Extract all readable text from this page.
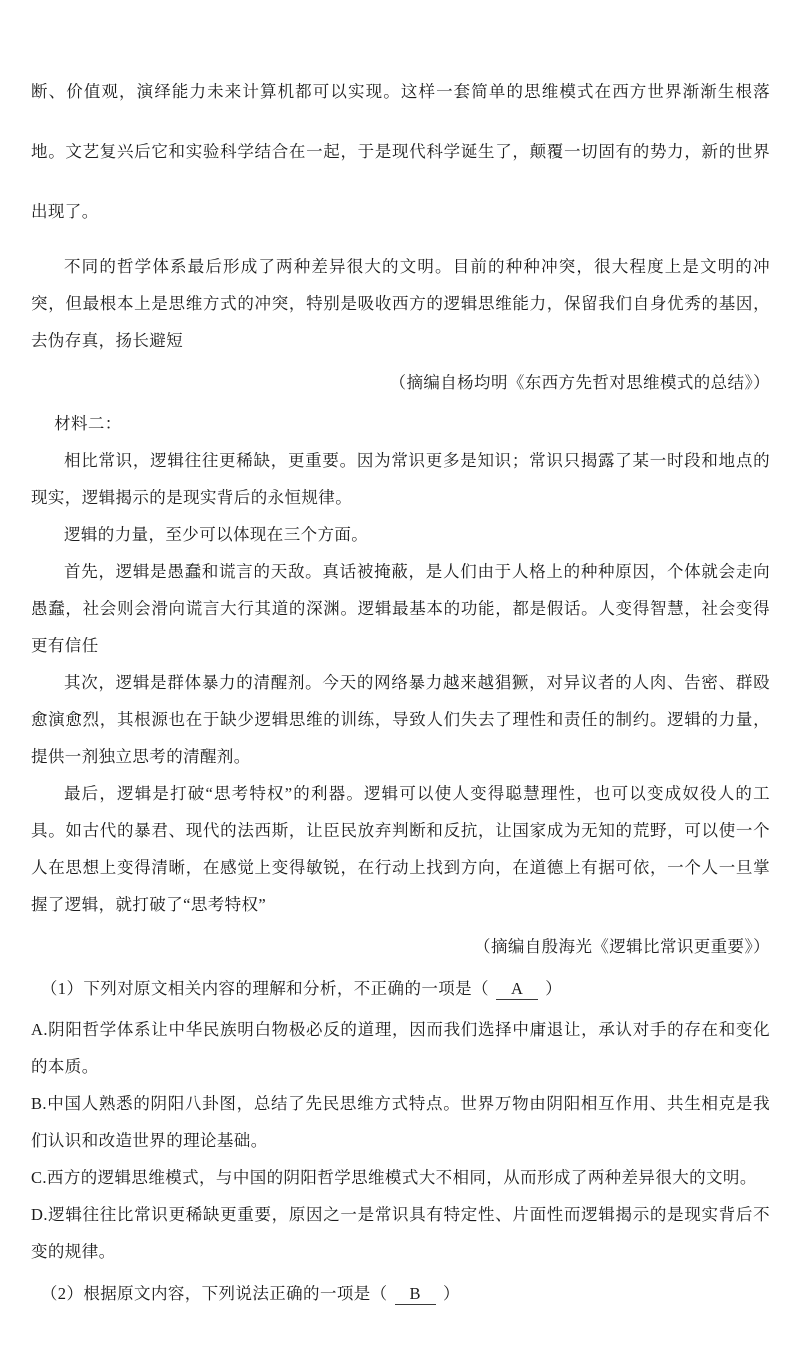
断、价值观，演绎能力未来计算机都可以实现。这样一套简单的思维模式在西方世界渐渐生根落地。文艺复兴后它和实验科学结合在一起，于是现代科学诞生了，颠覆一切固有的势力，新的世界出现了。

不同的哲学体系最后形成了两种差异很大的文明。目前的种种冲突，很大程度上是文明的冲突，但最根本上是思维方式的冲突，特别是吸收西方的逻辑思维能力，保留我们自身优秀的基因，去伪存真，扬长避短

（摘编自杨均明《东西方先哲对思维模式的总结》）

材料二：

相比常识，逻辑往往更稀缺，更重要。因为常识更多是知识；常识只揭露了某一时段和地点的现实，逻辑揭示的是现实背后的永恒规律。

逻辑的力量，至少可以体现在三个方面。

首先，逻辑是愚蠢和谎言的天敌。真话被掩蔽，是人们由于人格上的种种原因，个体就会走向愚蠢，社会则会滑向谎言大行其道的深渊。逻辑最基本的功能，都是假话。人变得智慧，社会变得更有信任

其次，逻辑是群体暴力的清醒剂。今天的网络暴力越来越猖獗，对异议者的人肉、告密、群殴愈演愈烈，其根源也在于缺少逻辑思维的训练，导致人们失去了理性和责任的制约。逻辑的力量，提供一剂独立思考的清醒剂。

最后，逻辑是打破“思考特权”的利器。逻辑可以使人变得聪慧理性，也可以变成奴役人的工具。如古代的暴君、现代的法西斯，让臣民放弃判断和反抗，让国家成为无知的荒野，可以使一个人在思想上变得清晰，在感觉上变得敏锐，在行动上找到方向，在道德上有据可依，一个人一旦掌握了逻辑，就打破了“思考特权”

（摘编自殷海光《逻辑比常识更重要》）

（1）下列对原文相关内容的理解和分析，不正确的一项是（ A ）

A.阴阳哲学体系让中华民族明白物极必反的道理，因而我们选择中庸退让，承认对手的存在和变化的本质。

B.中国人熟悉的阴阳八卦图，总结了先民思维方式特点。世界万物由阴阳相互作用、共生相克是我们认识和改造世界的理论基础。

C.西方的逻辑思维模式，与中国的阴阳哲学思维模式大不相同，从而形成了两种差异很大的文明。

D.逻辑往往比常识更稀缺更重要，原因之一是常识具有特定性、片面性而逻辑揭示的是现实背后不变的规律。

（2）根据原文内容，下列说法正确的一项是（ B ）
